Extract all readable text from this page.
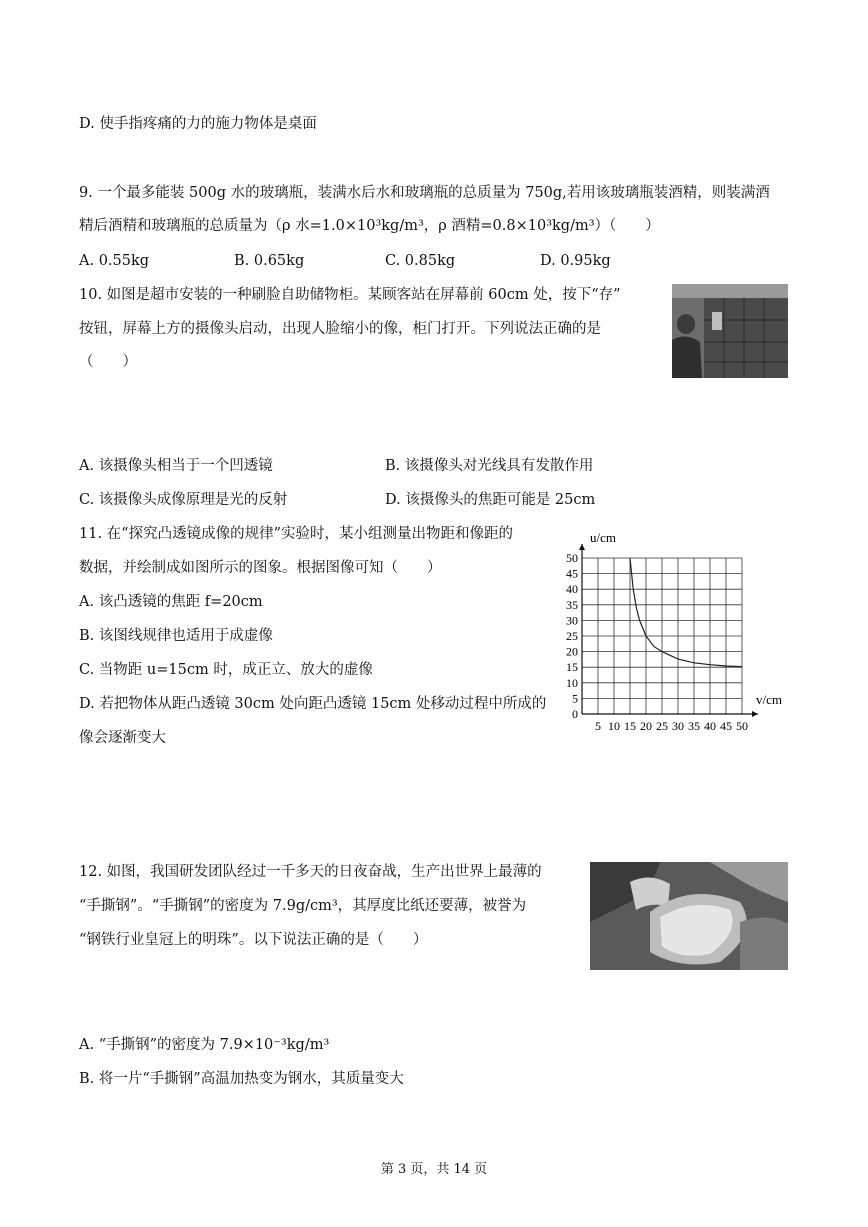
D. 使手指疼痛的力的施力物体是桌面
9. 一个最多能装 500g 水的玻璃瓶，装满水后水和玻璃瓶的总质量为 750g,若用该玻璃瓶装酒精，则装满酒
精后酒精和玻璃瓶的总质量为（ρ 水=1.0×10³kg/m³，ρ 酒精=0.8×10³kg/m³）（　　）
A. 0.55kg	B. 0.65kg	C. 0.85kg	D. 0.95kg
10. 如图是超市安装的一种刷脸自助储物柜。某顾客站在屏幕前 60cm 处，按下“存”
按钮，屏幕上方的摄像头启动，出现人脸缩小的像，柜门打开。下列说法正确的是
（　　）
A. 该摄像头相当于一个凹透镜	B. 该摄像头对光线具有发散作用
C. 该摄像头成像原理是光的反射	D. 该摄像头的焦距可能是 25cm
11. 在“探究凸透镜成像的规律”实验时，某小组测量出物距和像距的
数据，并绘制成如图所示的图象。根据图像可知（　　）
A. 该凸透镜的焦距 f=20cm
B. 该图线规律也适用于成虚像
C. 当物距 u=15cm 时，成正立、放大的虚像
D. 若把物体从距凸透镜 30cm 处向距凸透镜 15cm 处移动过程中所成的
像会逐渐变大
0
5
10
15
20
25
30
35
40
45
50
5 10 15 20 25 30 35 40 45 50
u/cm
v/cm
12. 如图，我国研发团队经过一千多天的日夜奋战，生产出世界上最薄的
“手撕钢”。“手撕钢”的密度为 7.9g/cm³，其厚度比纸还要薄，被誉为
“钢铁行业皇冠上的明珠”。以下说法正确的是（　　）
A. “手撕钢”的密度为 7.9×10⁻³kg/m³
B. 将一片“手撕钢”高温加热变为钢水，其质量变大
第 3 页，共 14 页
